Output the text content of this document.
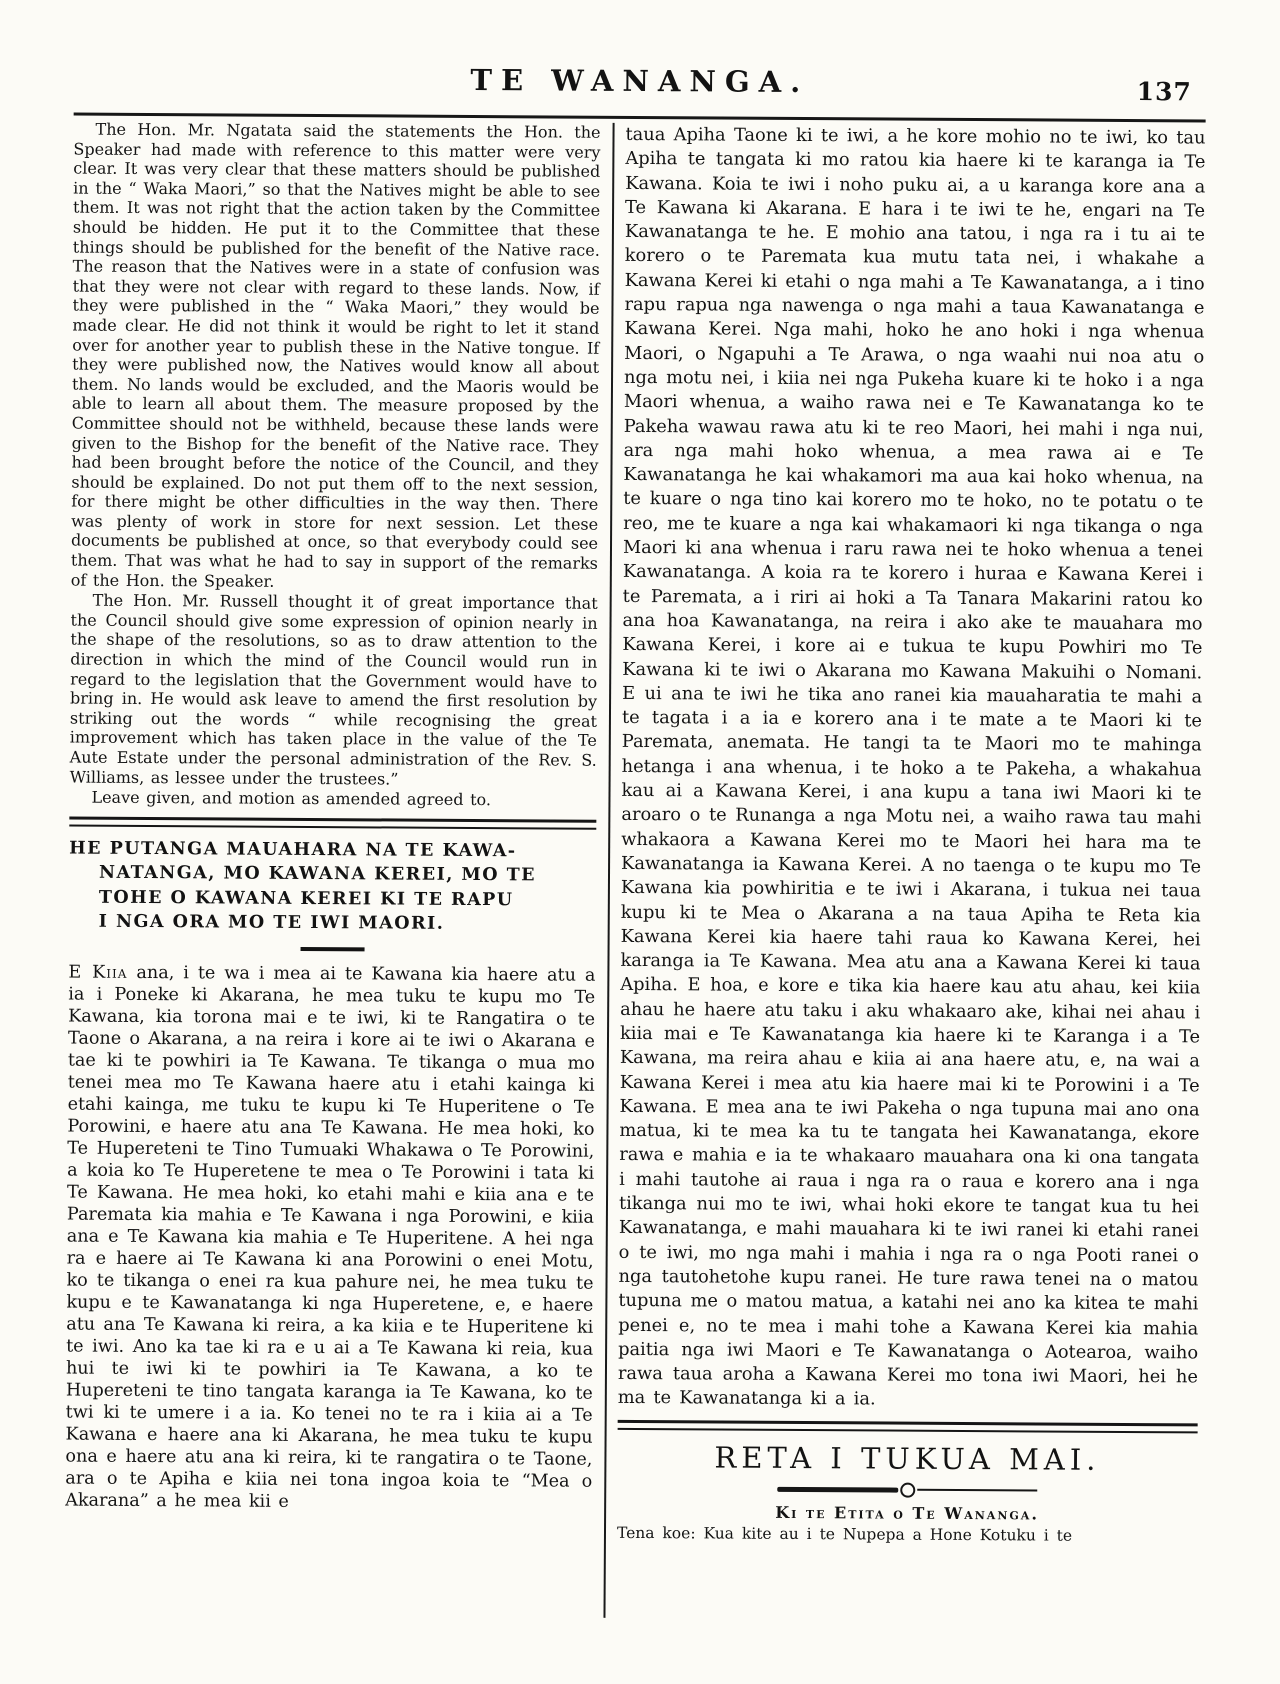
TE WANANGA.	137

The Hon. Mr. Ngatata said the statements the Hon. the Speaker had made with reference to this matter were very clear. It was very clear that these matters should be published in the “ Waka Maori,” so that the Natives might be able to see them. It was not right that the action taken by the Committee should be hidden. He put it to the Committee that these things should be published for the benefit of the Native race. The reason that the Natives were in a state of confusion was that they were not clear with regard to these lands. Now, if they were published in the “ Waka Maori,” they would be made clear. He did not think it would be right to let it stand over for another year to publish these in the Native tongue. If they were published now, the Natives would know all about them. No lands would be excluded, and the Maoris would be able to learn all about them. The measure proposed by the Committee should not be withheld, because these lands were given to the Bishop for the benefit of the Native race. They had been brought before the notice of the Council, and they should be explained. Do not put them off to the next session, for there might be other difficulties in the way then. There was plenty of work in store for next session. Let these documents be published at once, so that everybody could see them. That was what he had to say in support of the remarks of the Hon. the Speaker.

The Hon. Mr. Russell thought it of great importance that the Council should give some expression of opinion nearly in the shape of the resolutions, so as to draw attention to the direction in which the mind of the Council would run in regard to the legislation that the Government would have to bring in. He would ask leave to amend the first resolution by striking out the words “ while recognising the great improvement which has taken place in the value of the Te Aute Estate under the personal administration of the Rev. S. Williams, as lessee under the trustees.”

Leave given, and motion as amended agreed to.

HE PUTANGA MAUAHARA NA TE KAWA-
NATANGA, MO KAWANA KEREI, MO TE
TOHE O KAWANA KEREI KI TE RAPU
I NGA ORA MO TE IWI MAORI.

E Kiia ana, i te wa i mea ai te Kawana kia haere atu a ia i Poneke ki Akarana, he mea tuku te kupu mo Te Kawana, kia torona mai e te iwi, ki te Rangatira o te Taone o Akarana, a na reira i kore ai te iwi o Akarana e tae ki te powhiri ia Te Kawana. Te tikanga o mua mo tenei mea mo Te Kawana haere atu i etahi kainga ki etahi kainga, me tuku te kupu ki Te Huperitene o Te Porowini, e haere atu ana Te Kawana. He mea hoki, ko Te Hupereteni te Tino Tumuaki Whakawa o Te Porowini, a koia ko Te Huperetene te mea o Te Porowini i tata ki Te Kawana. He mea hoki, ko etahi mahi e kiia ana e te Paremata kia mahia e Te Kawana i nga Porowini, e kiia ana e Te Kawana kia mahia e Te Huperitene. A hei nga ra e haere ai Te Kawana ki ana Porowini o enei Motu, ko te tikanga o enei ra kua pahure nei, he mea tuku te kupu e te Kawanatanga ki nga Huperetene, e, e haere atu ana Te Kawana ki reira, a ka kiia e te Huperitene ki te iwi. Ano ka tae ki ra e u ai a Te Kawana ki reia, kua hui te iwi ki te powhiri ia Te Kawana, a ko te Hupereteni te tino tangata karanga ia Te Kawana, ko te twi ki te umere i a ia. Ko tenei no te ra i kiia ai a Te Kawana e haere ana ki Akarana, he mea tuku te kupu ona e haere atu ana ki reira, ki te rangatira o te Taone, ara o te Apiha e kiia nei tona ingoa koia te “Mea o Akarana” a he mea kii e

taua Apiha Taone ki te iwi, a he kore mohio no te iwi, ko tau Apiha te tangata ki mo ratou kia haere ki te karanga ia Te Kawana. Koia te iwi i noho puku ai, a u karanga kore ana a Te Kawana ki Akarana. E hara i te iwi te he, engari na Te Kawanatanga te he. E mohio ana tatou, i nga ra i tu ai te korero o te Paremata kua mutu tata nei, i whakahe a Kawana Kerei ki etahi o nga mahi a Te Kawanatanga, a i tino rapu rapua nga nawenga o nga mahi a taua Kawanatanga e Kawana Kerei. Nga mahi, hoko he ano hoki i nga whenua Maori, o Ngapuhi a Te Arawa, o nga waahi nui noa atu o nga motu nei, i kiia nei nga Pukeha kuare ki te hoko i a nga Maori whenua, a waiho rawa nei e Te Kawanatanga ko te Pakeha wawau rawa atu ki te reo Maori, hei mahi i nga nui, ara nga mahi hoko whenua, a mea rawa ai e Te Kawanatanga he kai whakamori ma aua kai hoko whenua, na te kuare o nga tino kai korero mo te hoko, no te potatu o te reo, me te kuare a nga kai whakamaori ki nga tikanga o nga Maori ki ana whenua i raru rawa nei te hoko whenua a tenei Kawanatanga. A koia ra te korero i huraa e Kawana Kerei i te Paremata, a i riri ai hoki a Ta Tanara Makarini ratou ko ana hoa Kawanatanga, na reira i ako ake te mauahara mo Kawana Kerei, i kore ai e tukua te kupu Powhiri mo Te Kawana ki te iwi o Akarana mo Kawana Makuihi o Nomani. E ui ana te iwi he tika ano ranei kia mauaharatia te mahi a te tagata i a ia e korero ana i te mate a te Maori ki te Paremata, anemata. He tangi ta te Maori mo te mahinga hetanga i ana whenua, i te hoko a te Pakeha, a whakahua kau ai a Kawana Kerei, i ana kupu a tana iwi Maori ki te aroaro o te Runanga a nga Motu nei, a waiho rawa tau mahi whakaora a Kawana Kerei mo te Maori hei hara ma te Kawanatanga ia Kawana Kerei. A no taenga o te kupu mo Te Kawana kia powhiritia e te iwi i Akarana, i tukua nei taua kupu ki te Mea o Akarana a na taua Apiha te Reta kia Kawana Kerei kia haere tahi raua ko Kawana Kerei, hei karanga ia Te Kawana. Mea atu ana a Kawana Kerei ki taua Apiha. E hoa, e kore e tika kia haere kau atu ahau, kei kiia ahau he haere atu taku i aku whakaaro ake, kihai nei ahau i kiia mai e Te Kawanatanga kia haere ki te Karanga i a Te Kawana, ma reira ahau e kiia ai ana haere atu, e, na wai a Kawana Kerei i mea atu kia haere mai ki te Porowini i a Te Kawana. E mea ana te iwi Pakeha o nga tupuna mai ano ona matua, ki te mea ka tu te tangata hei Kawanatanga, ekore rawa e mahia e ia te whakaaro mauahara ona ki ona tangata i mahi tautohe ai raua i nga ra o raua e korero ana i nga tikanga nui mo te iwi, whai hoki ekore te tangat kua tu hei Kawanatanga, e mahi mauahara ki te iwi ranei ki etahi ranei o te iwi, mo nga mahi i mahia i nga ra o nga Pooti ranei o nga tautohetohe kupu ranei. He ture rawa tenei na o matou tupuna me o matou matua, a katahi nei ano ka kitea te mahi penei e, no te mea i mahi tohe a Kawana Kerei kia mahia paitia nga iwi Maori e Te Kawanatanga o Aotearoa, waiho rawa taua aroha a Kawana Kerei mo tona iwi Maori, hei he ma te Kawanatanga ki a ia.

RETA I TUKUA MAI.
Ki te Etita o Te Wananga.

Tena koe: Kua kite au i te Nupepa a Hone Kotuku i te
